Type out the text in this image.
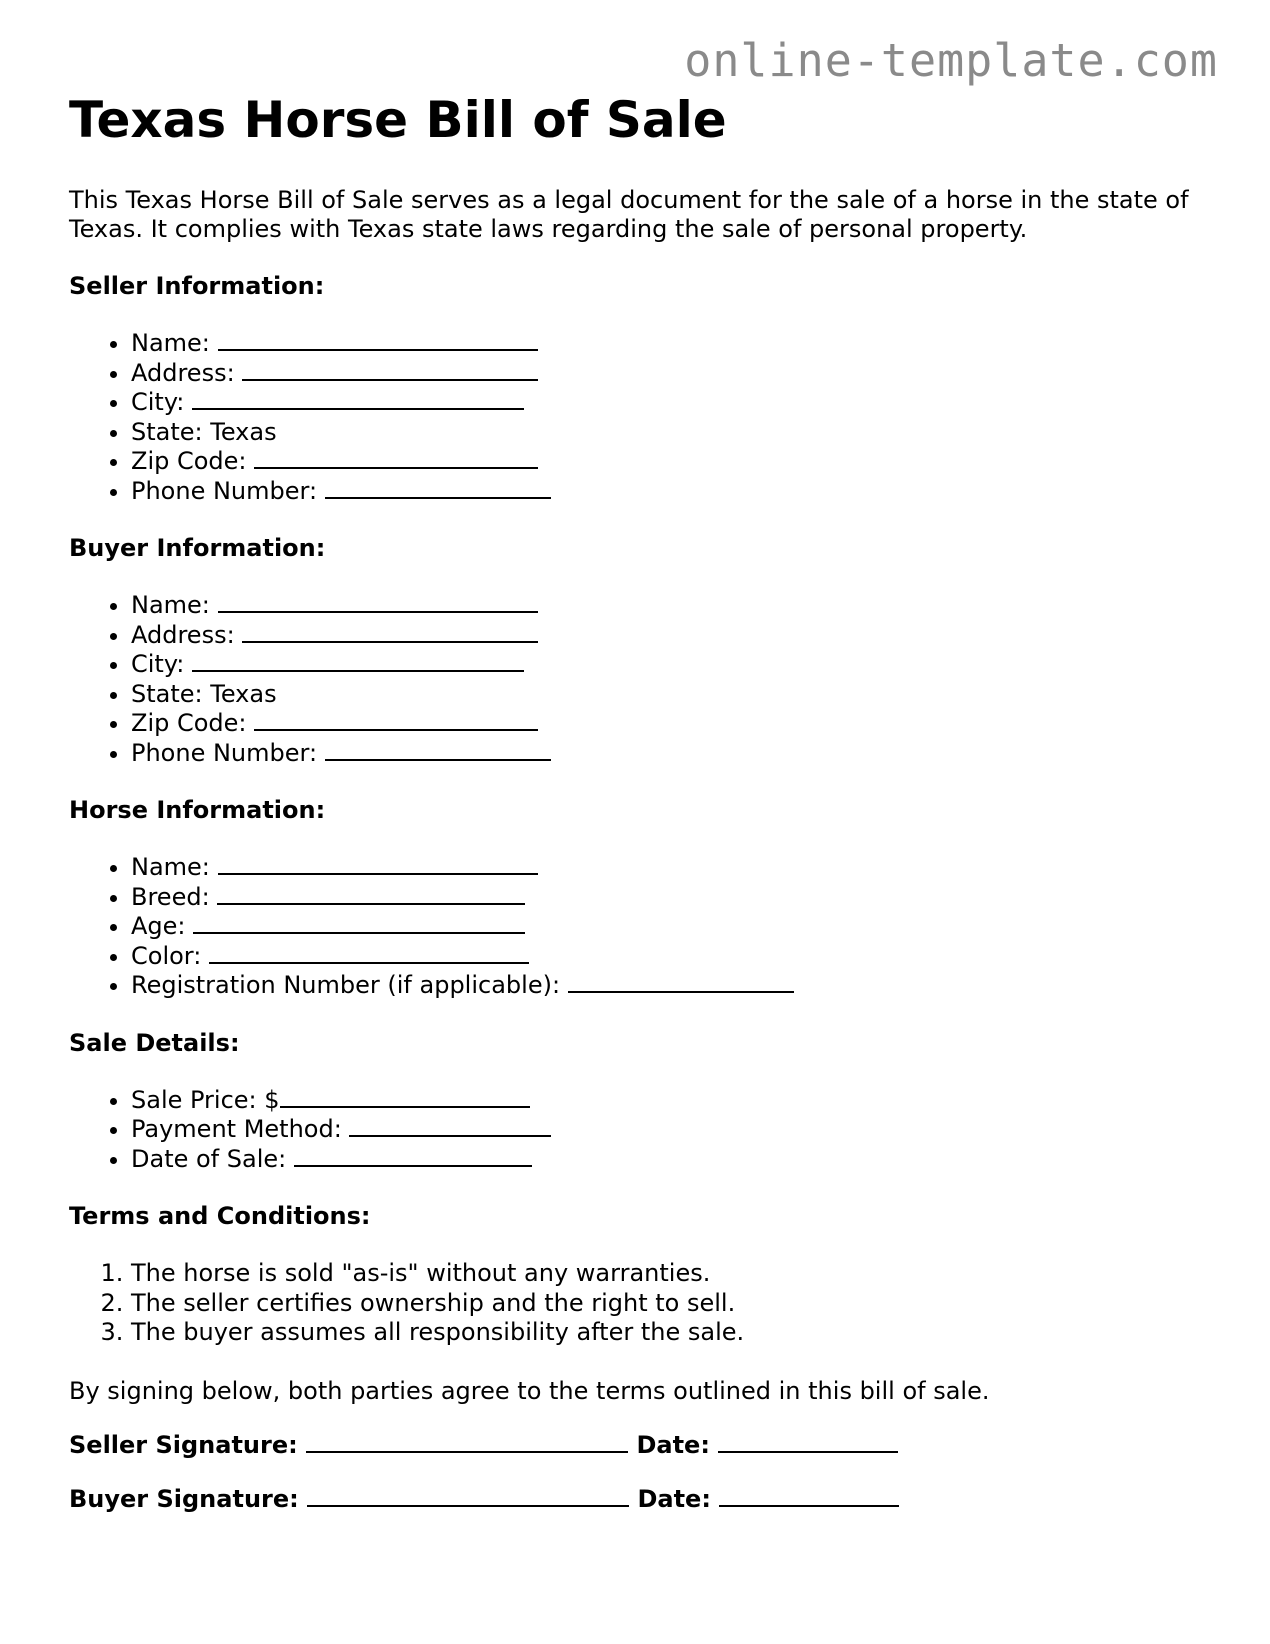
online-template.com
Texas Horse Bill of Sale

This Texas Horse Bill of Sale serves as a legal document for the sale of a horse in the state of Texas. It complies with Texas state laws regarding the sale of personal property.

Seller Information:
• Name:
• Address:
• City:
• State: Texas
• Zip Code:
• Phone Number:
Buyer Information:
• Name:
• Address:
• City:
• State: Texas
• Zip Code:
• Phone Number:
Horse Information:
• Name:
• Breed:
• Age:
• Color:
• Registration Number (if applicable):
Sale Details:
• Sale Price: $
• Payment Method:
• Date of Sale:
Terms and Conditions:
1. The horse is sold "as-is" without any warranties.
2. The seller certifies ownership and the right to sell.
3. The buyer assumes all responsibility after the sale.

By signing below, both parties agree to the terms outlined in this bill of sale.

Seller Signature:	Date:
Buyer Signature:	Date:
